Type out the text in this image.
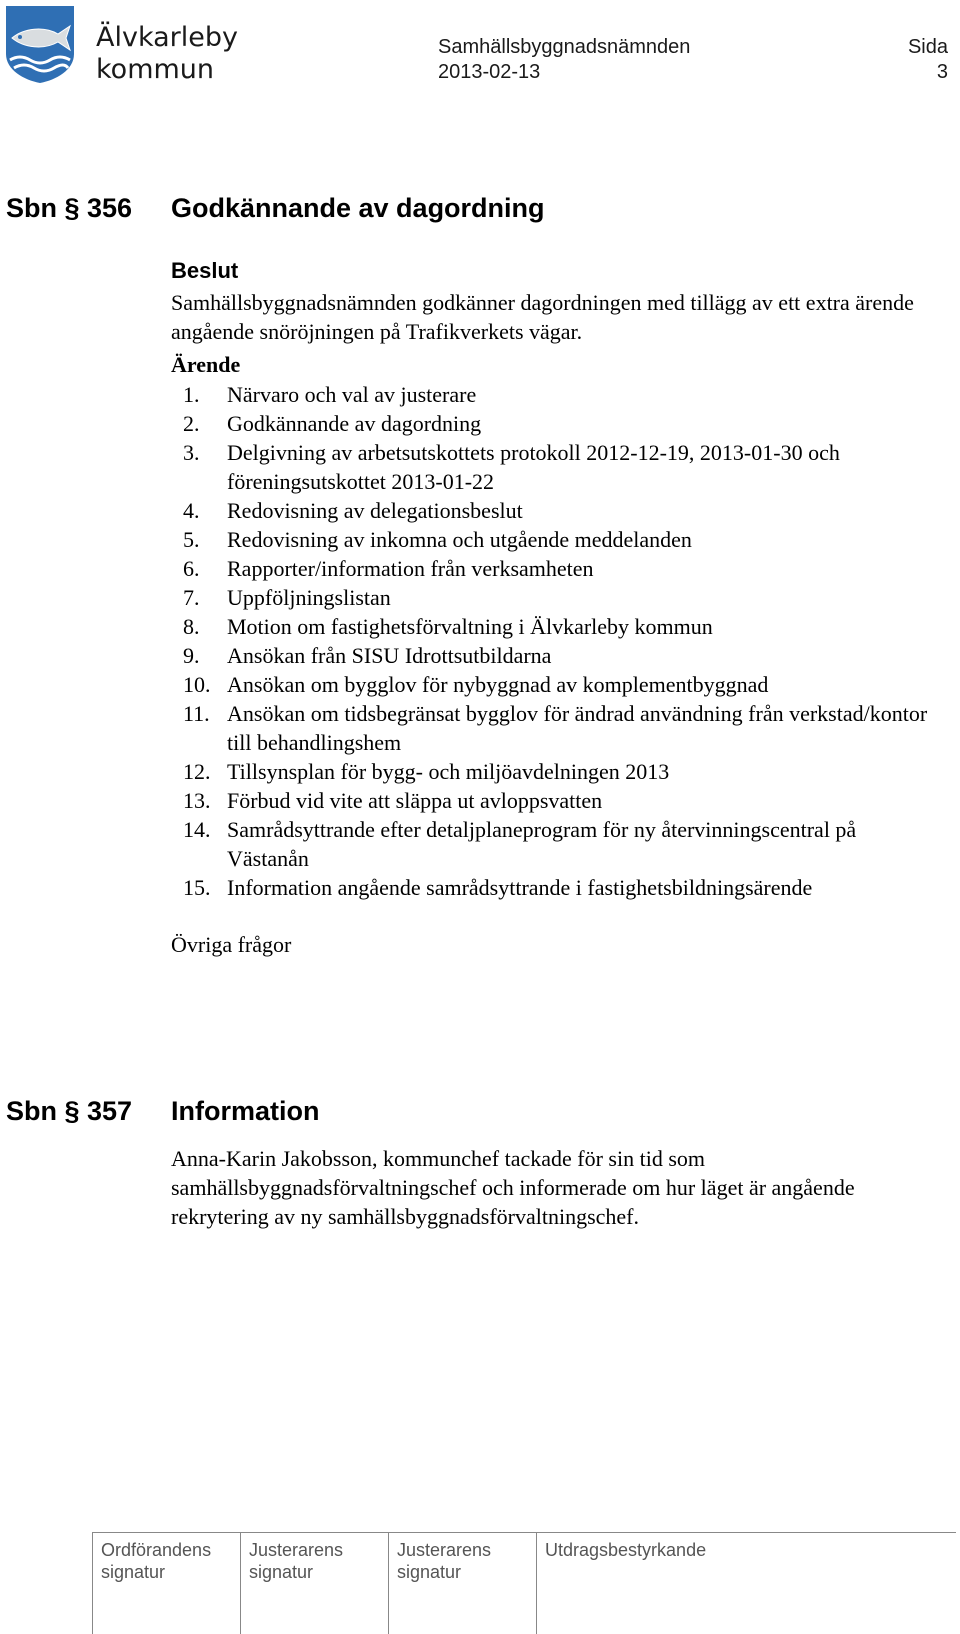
Älvkarleby
kommun
Samhällsbyggnadsnämnden
2013-02-13
Sida
3
Sbn § 356 Godkännande av dagordning
Beslut
Samhällsbyggnadsnämnden godkänner dagordningen med tillägg av ett extra ärende angående snöröjningen på Trafikverkets vägar.
Ärende
1. Närvaro och val av justerare
2. Godkännande av dagordning
3. Delgivning av arbetsutskottets protokoll 2012-12-19, 2013-01-30 och föreningsutskottet 2013-01-22
4. Redovisning av delegationsbeslut
5. Redovisning av inkomna och utgående meddelanden
6. Rapporter/information från verksamheten
7. Uppföljningslistan
8. Motion om fastighetsförvaltning i Älvkarleby kommun
9. Ansökan från SISU Idrottsutbildarna
10. Ansökan om bygglov för nybyggnad av komplementbyggnad
11. Ansökan om tidsbegränsat bygglov för ändrad användning från verkstad/kontor till behandlingshem
12. Tillsynsplan för bygg- och miljöavdelningen 2013
13. Förbud vid vite att släppa ut avloppsvatten
14. Samrådsyttrande efter detaljplaneprogram för ny återvinningscentral på Västanån
15. Information angående samrådsyttrande i fastighetsbildningsärende
Övriga frågor
Sbn § 357 Information
Anna-Karin Jakobsson, kommunchef tackade för sin tid som samhällsbyggnadsförvaltningschef och informerade om hur läget är angående rekrytering av ny samhällsbyggnadsförvaltningschef.
Ordförandens
signatur
Justerarens
signatur
Justerarens
signatur
Utdragsbestyrkande
